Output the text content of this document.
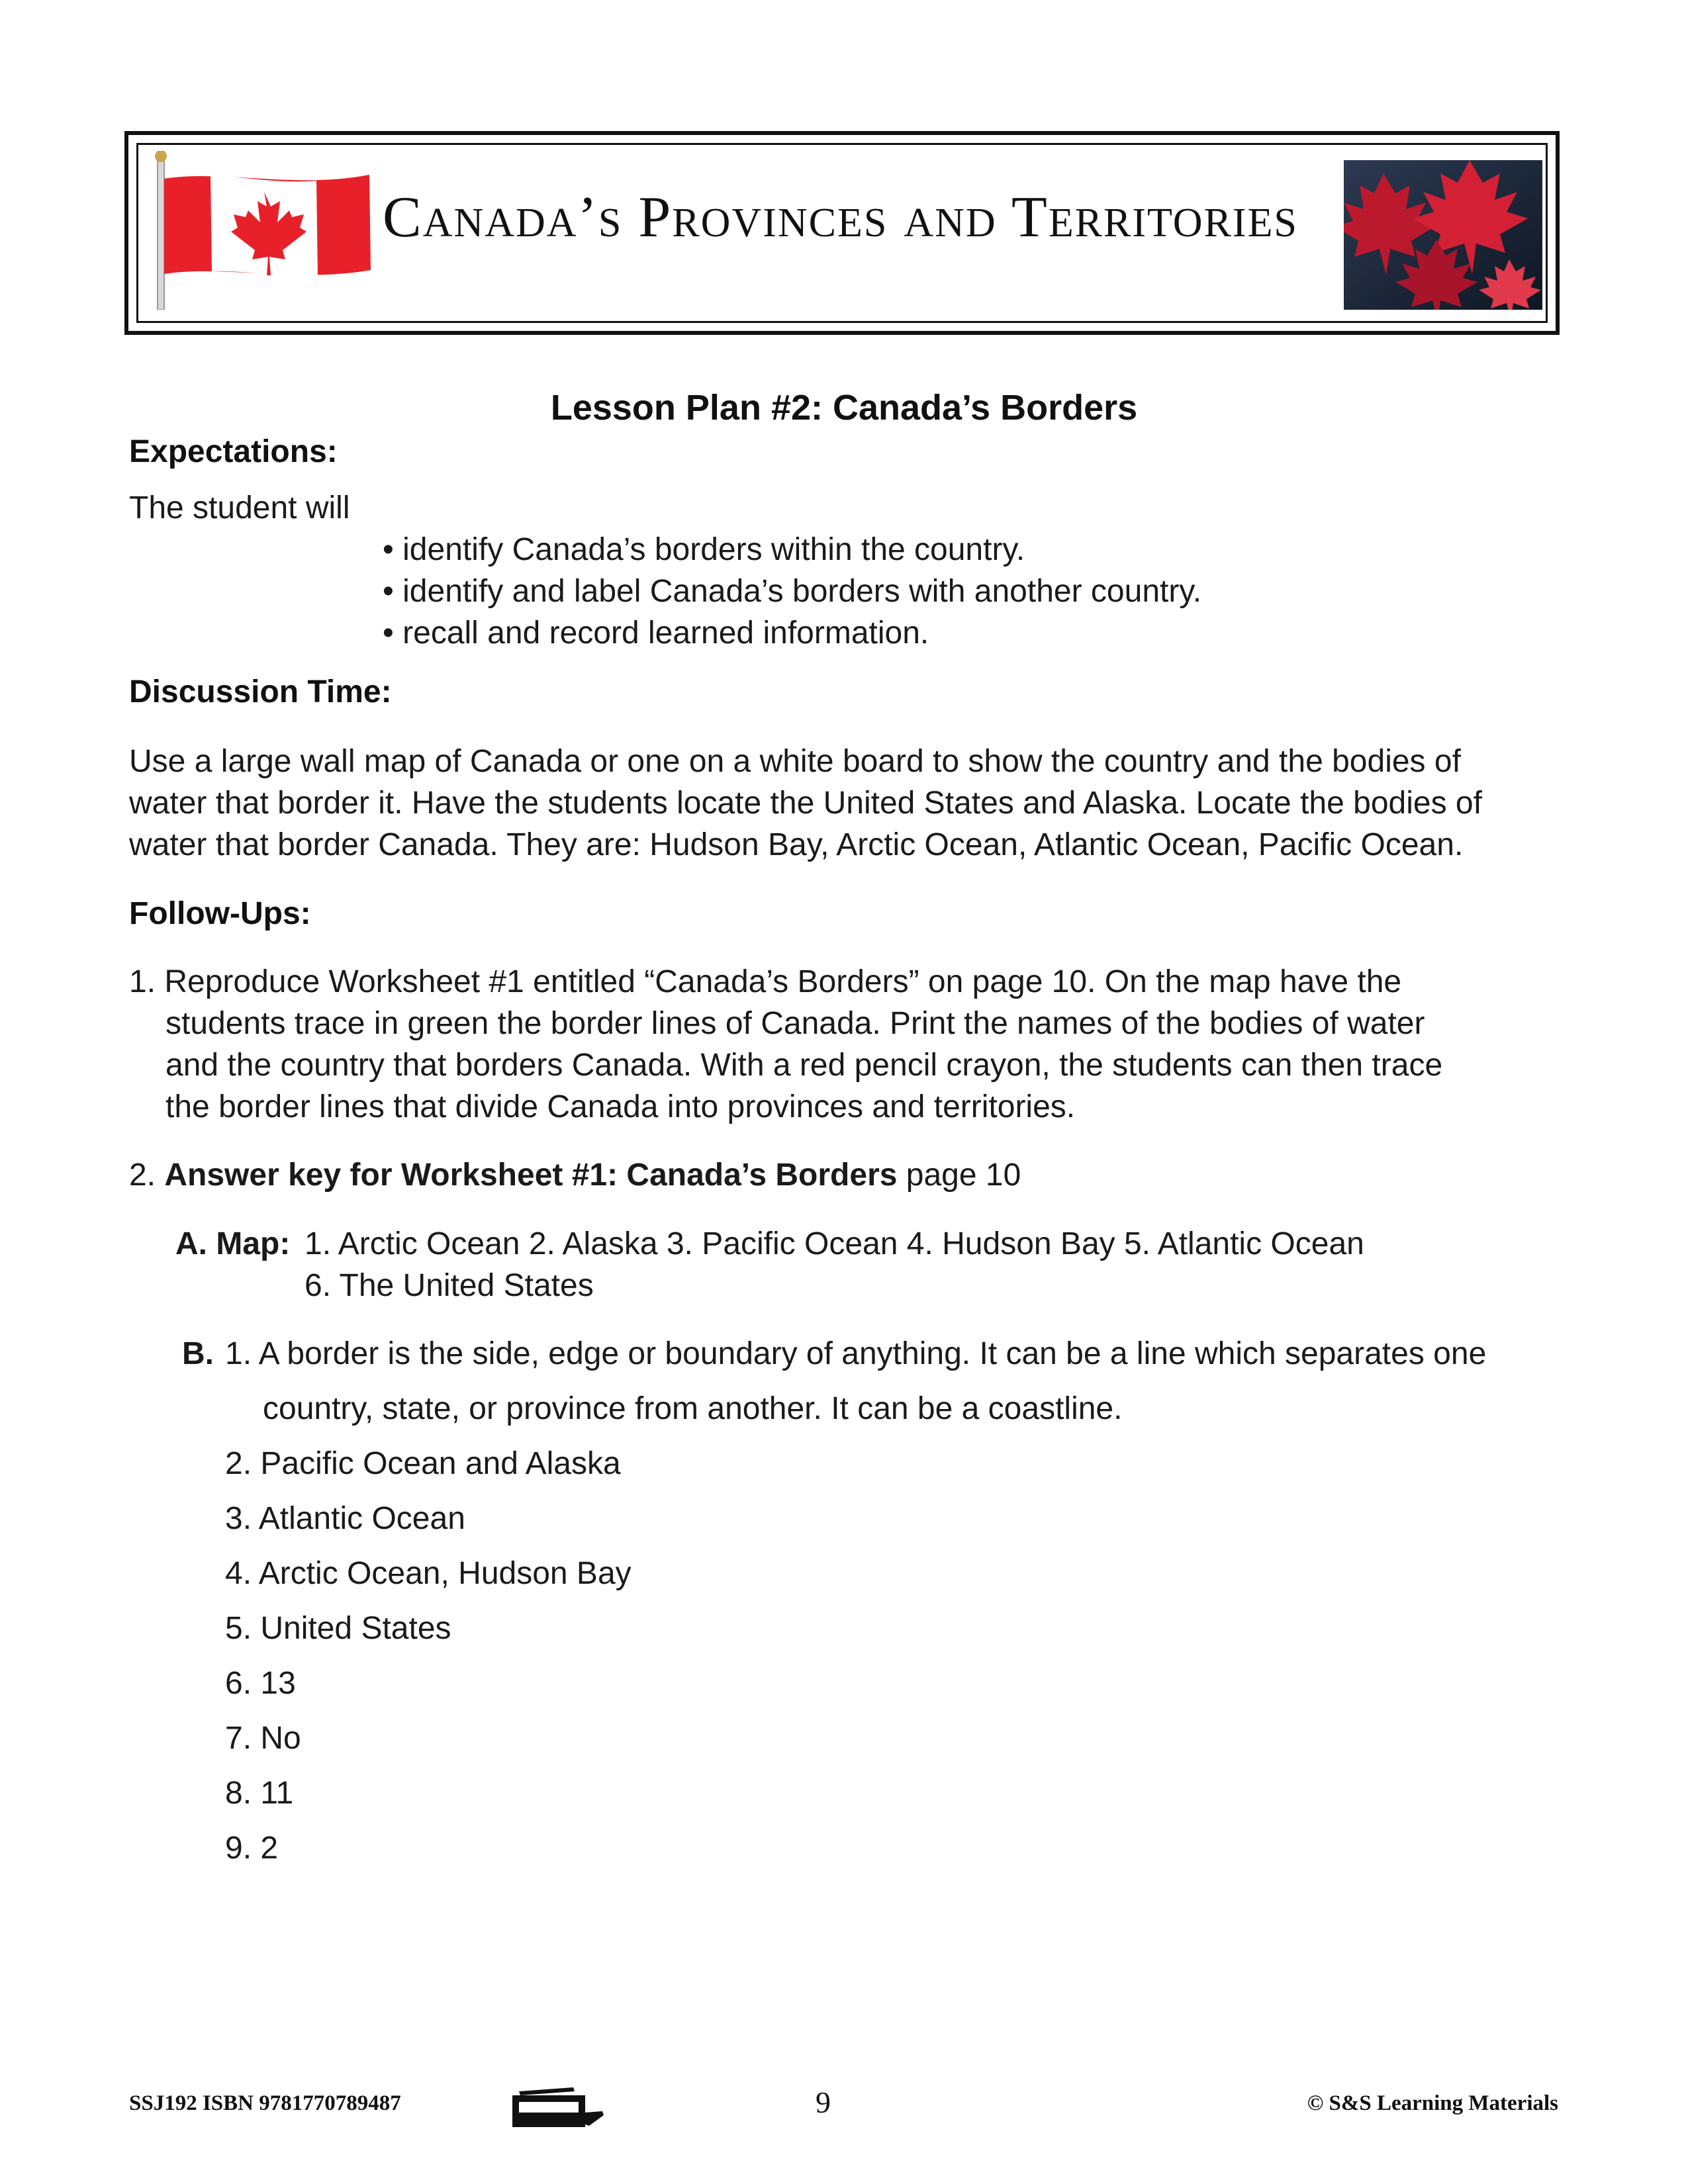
Canada’s Provinces and Territories
Lesson Plan #2: Canada’s Borders
Expectations:
The student will
• identify Canada’s borders within the country.
• identify and label Canada’s borders with another country.
• recall and record learned information.
Discussion Time:
Use a large wall map of Canada or one on a white board to show the country and the bodies of
water that border it. Have the students locate the United States and Alaska. Locate the bodies of
water that border Canada. They are: Hudson Bay, Arctic Ocean, Atlantic Ocean, Pacific Ocean.
Follow-Ups:
1. Reproduce Worksheet #1 entitled “Canada’s Borders” on page 10. On the map have the
students trace in green the border lines of Canada. Print the names of the bodies of water
and the country that borders Canada. With a red pencil crayon, the students can then trace
the border lines that divide Canada into provinces and territories.
2. Answer key for Worksheet #1: Canada’s Borders page 10
A. Map: 1. Arctic Ocean 2. Alaska 3. Pacific Ocean 4. Hudson Bay 5. Atlantic Ocean
6. The United States
B. 1. A border is the side, edge or boundary of anything. It can be a line which separates one
country, state, or province from another. It can be a coastline.
2. Pacific Ocean and Alaska
3. Atlantic Ocean
4. Arctic Ocean, Hudson Bay
5. United States
6. 13
7. No
8. 11
9. 2
SSJ192 ISBN 9781770789487	9	© S&S Learning Materials
